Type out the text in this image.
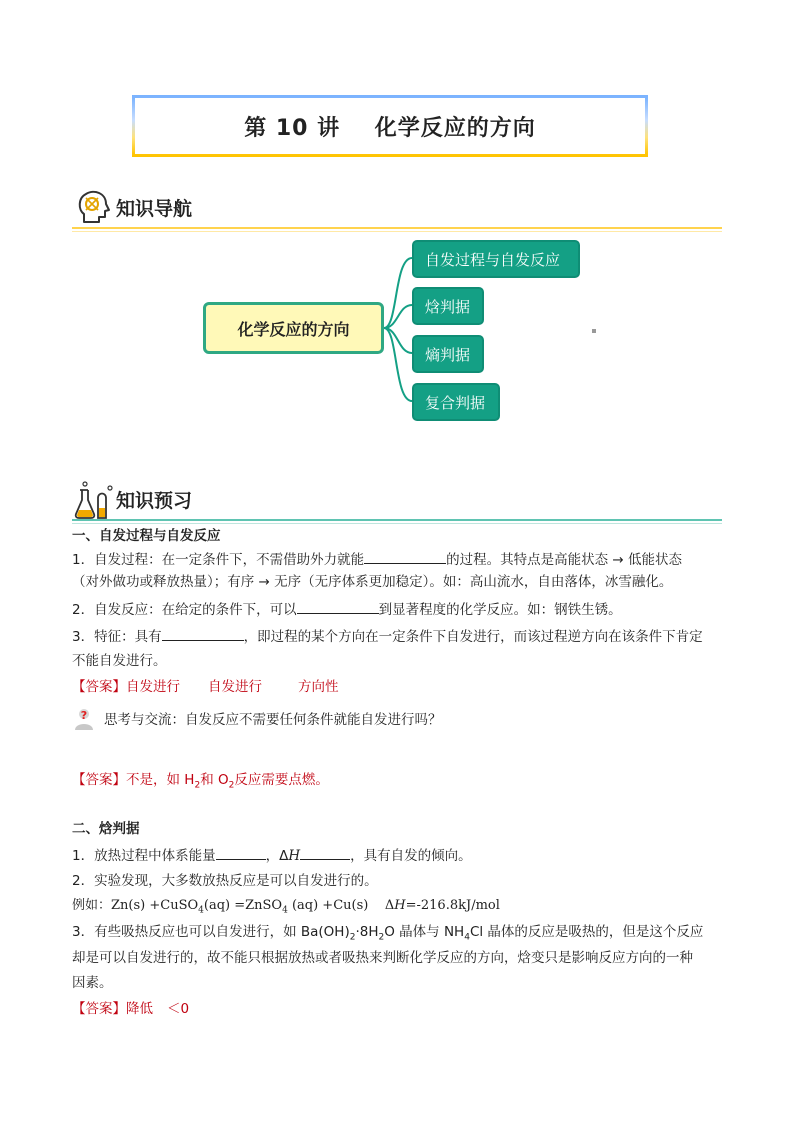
第 10 讲    化学反应的方向
知识导航
化学反应的方向
自发过程与自发反应
焓判据
熵判据
复合判据
知识预习
一、自发过程与自发反应
1．自发过程：在一定条件下，不需借助外力就能	的过程。其特点是高能状态 → 低能状态
（对外做功或释放热量）；有序 → 无序（无序体系更加稳定）。如：高山流水，自由落体，冰雪融化。
2．自发反应：在给定的条件下，可以	到显著程度的化学反应。如：钢铁生锈。
3．特征：具有	，即过程的某个方向在一定条件下自发进行，而该过程逆方向在该条件下肯定
不能自发进行。
【答案】自发进行 自发进行	方向性
? 思考与交流：自发反应不需要任何条件就能自发进行吗？
【答案】不是，如 $H_2$和 $O_2$反应需要点燃。
二、焓判据
1．放热过程中体系能量	，ΔH	，具有自发的倾向。
2．实验发现，大多数放热反应是可以自发进行的。
例如：Zn(s) +CuSO$_4$(aq) =ZnSO$_4$ (aq) +Cu(s)    ΔH=-216.8kJ/mol
3．有些吸热反应也可以自发进行，如 $Ba(OH)_2\cdot 8H_2O$ 晶体与 $NH_4Cl$ 晶体的反应是吸热的，但是这个反应
却是可以自发进行的，故不能只根据放热或者吸热来判断化学反应的方向，焓变只是影响反应方向的一种
因素。
【答案】降低 ＜0
